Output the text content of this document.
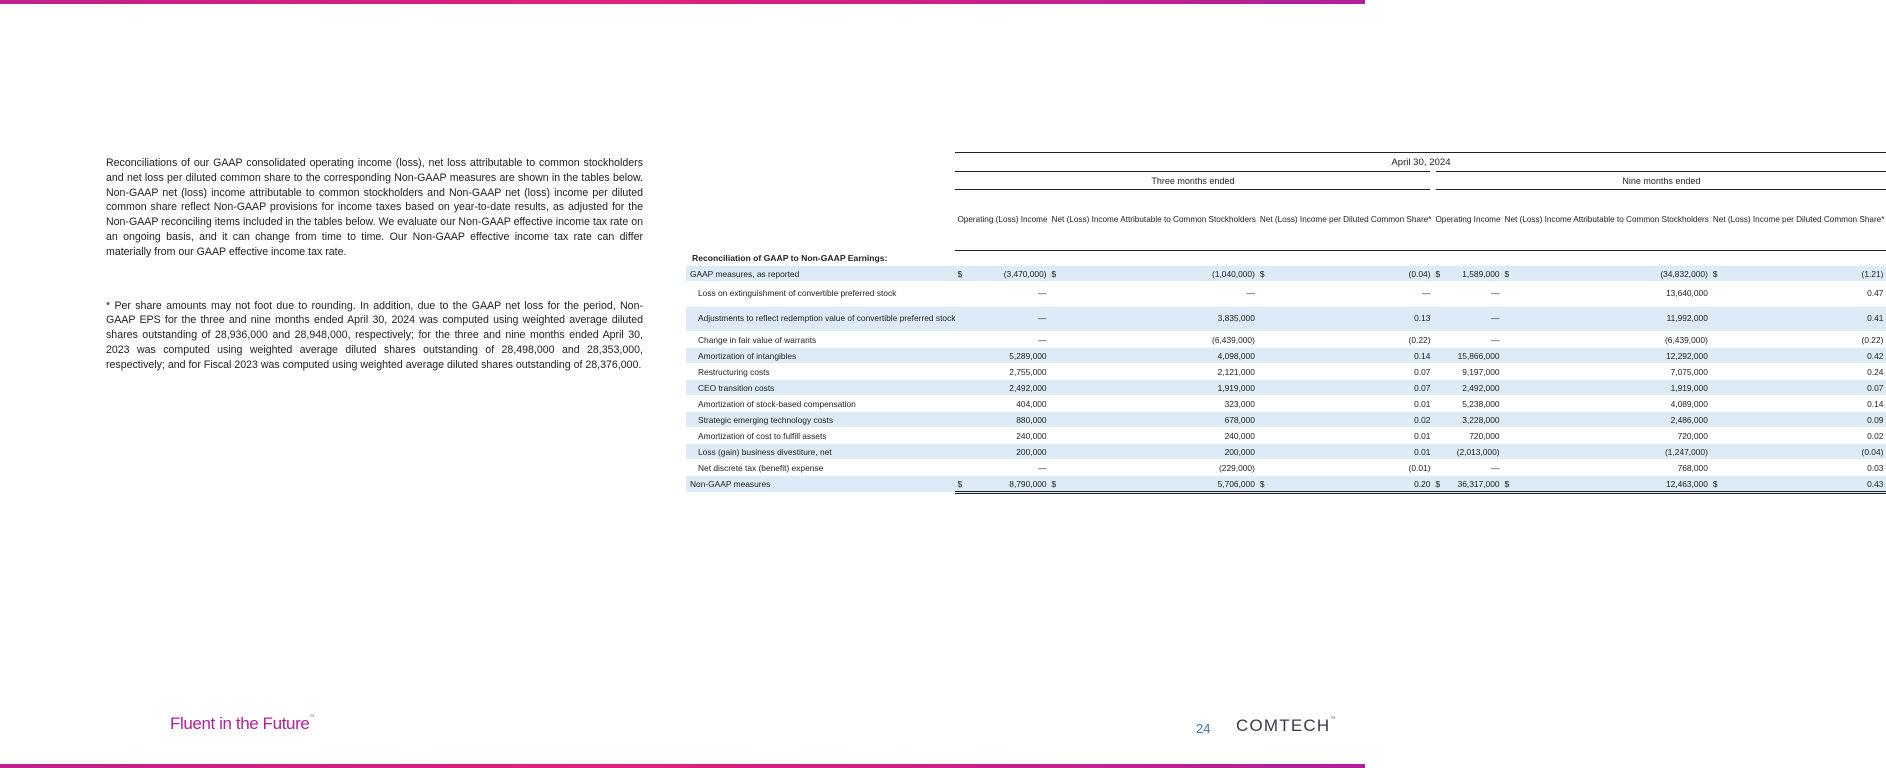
Reconciliations of our GAAP consolidated operating income (loss), net loss attributable to common stockholders and net loss per diluted common share to the corresponding Non-GAAP measures are shown in the tables below. Non-GAAP net (loss) income attributable to common stockholders and Non-GAAP net (loss) income per diluted common share reflect Non-GAAP provisions for income taxes based on year-to-date results, as adjusted for the Non-GAAP reconciling items included in the tables below. We evaluate our Non-GAAP effective income tax rate on an ongoing basis, and it can change from time to time. Our Non-GAAP effective income tax rate can differ materially from our GAAP effective income tax rate.

* Per share amounts may not foot due to rounding. In addition, due to the GAAP net loss for the period, Non-GAAP EPS for the three and nine months ended April 30, 2024 was computed using weighted average diluted shares outstanding of 28,936,000 and 28,948,000, respectively; for the three and nine months ended April 30, 2023 was computed using weighted average diluted shares outstanding of 28,498,000 and 28,353,000, respectively; and for Fiscal 2023 was computed using weighted average diluted shares outstanding of 28,376,000.

	April 30, 2024					
	Three months ended			Nine months ended		
	Operating (Loss) Income	Net (Loss) Income Attributable to Common Stockholders	Net (Loss) Income per Diluted Common Share*	Operating Income	Net (Loss) Income Attributable to Common Stockholders	Net (Loss) Income per Diluted Common Share*
Reconciliation of GAAP to Non-GAAP Earnings:						
GAAP measures, as reported	$ (3,470,000)	$ (1,040,000)	$ (0.04)	$ 1,589,000	$ (34,832,000)	$ (1.21)
Loss on extinguishment of convertible preferred stock	—	—	—	—	13,640,000	0.47
Adjustments to reflect redemption value of convertible preferred stock	—	3,835,000	0.13	—	11,992,000	0.41
Change in fair value of warrants	—	(6,439,000)	(0.22)	—	(6,439,000)	(0.22)
Amortization of intangibles	5,289,000	4,098,000	0.14	15,866,000	12,292,000	0.42
Restructuring costs	2,755,000	2,121,000	0.07	9,197,000	7,075,000	0.24
CEO transition costs	2,492,000	1,919,000	0.07	2,492,000	1,919,000	0.07
Amortization of stock-based compensation	404,000	323,000	0.01	5,238,000	4,089,000	0.14
Strategic emerging technology costs	880,000	678,000	0.02	3,228,000	2,486,000	0.09
Amortization of cost to fulfill assets	240,000	240,000	0.01	720,000	720,000	0.02
Loss (gain) business divestiture, net	200,000	200,000	0.01	(2,013,000)	(1,247,000)	(0.04)
Net discrete tax (benefit) expense	—	(229,000)	(0.01)	—	768,000	0.03
Non-GAAP measures	$ 8,790,000	$ 5,706,000	$ 0.20	$ 36,317,000	$ 12,463,000	$ 0.43
Fluent in the Future™
24 COMTECH™
